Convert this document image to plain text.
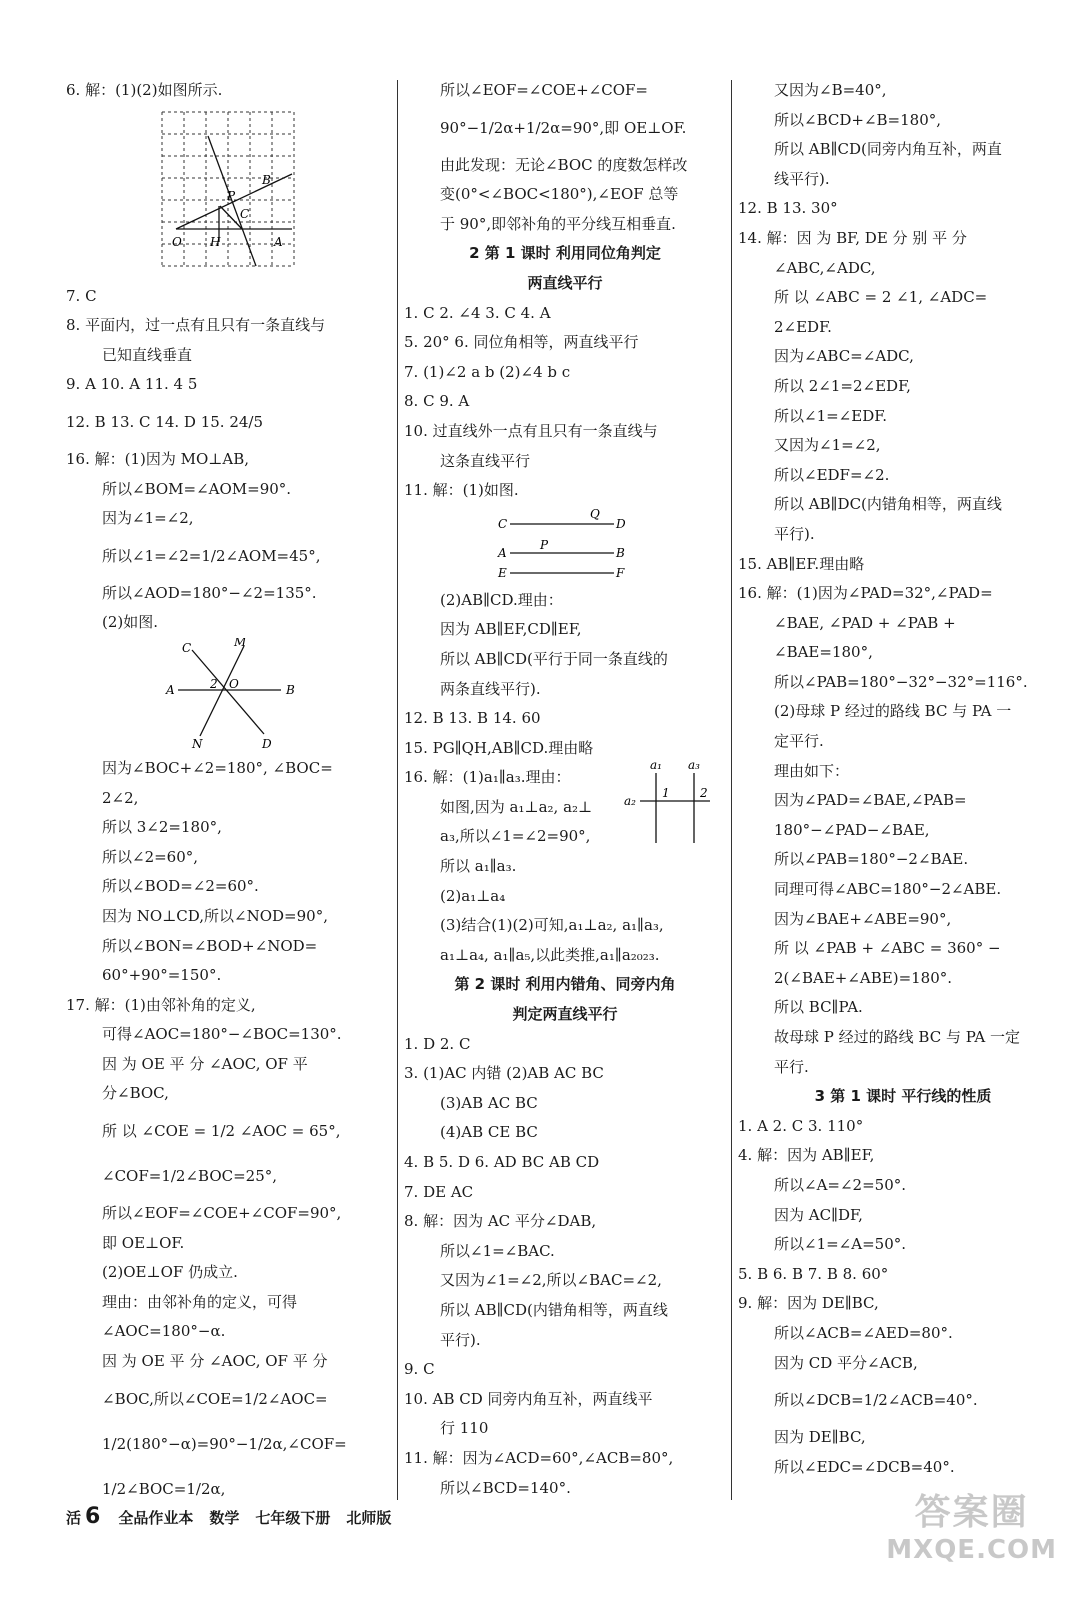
6. 解：(1)(2)如图所示.
P
B
C
O H	A
7. C
8. 平面内，过一点有且只有一条直线与
已知直线垂直
9. A 10. A 11. 4 5
12. B 13. C 14. D 15. 24/5
16. 解：(1)因为 MO⊥AB,
所以∠BOM=∠AOM=90°.
因为∠1=∠2,
所以∠1=∠2=1/2∠AOM=45°,
所以∠AOD=180°−∠2=135°.
(2)如图.
C	M
A	2 O	B
N	D
因为∠BOC+∠2=180°, ∠BOC=
2∠2,
所以 3∠2=180°,
所以∠2=60°,
所以∠BOD=∠2=60°.
因为 NO⊥CD,所以∠NOD=90°,
所以∠BON=∠BOD+∠NOD=
60°+90°=150°.
17. 解：(1)由邻补角的定义,
可得∠AOC=180°−∠BOC=130°.
因 为 OE 平 分 ∠AOC, OF 平
分∠BOC,
所 以 ∠COE = 1/2 ∠AOC = 65°,
∠COF=1/2∠BOC=25°,
所以∠EOF=∠COE+∠COF=90°,
即 OE⊥OF.
(2)OE⊥OF 仍成立.
理由：由邻补角的定义，可得
∠AOC=180°−α.
因 为 OE 平 分 ∠AOC, OF 平 分
∠BOC,所以∠COE=1/2∠AOC=
1/2(180°−α)=90°−1/2α,∠COF=
1/2∠BOC=1/2α,
所以∠EOF=∠COE+∠COF=
90°−1/2α+1/2α=90°,即 OE⊥OF.
由此发现：无论∠BOC 的度数怎样改
变(0°<∠BOC<180°),∠EOF 总等
于 90°,即邻补角的平分线互相垂直.
2 第 1 课时 利用同位角判定
两直线平行
1. C 2. ∠4 3. C 4. A
5. 20° 6. 同位角相等，两直线平行
7. (1)∠2 a b (2)∠4 b c
8. C 9. A
10. 过直线外一点有且只有一条直线与
这条直线平行
11. 解：(1)如图.
C
Q
D
A
P
B
E	F
(2)AB∥CD.理由：
因为 AB∥EF,CD∥EF,
所以 AB∥CD(平行于同一条直线的
两条直线平行).
12. B 13. B 14. 60
15. PG∥QH,AB∥CD.理由略
16. 解：(1)a₁∥a₃.理由：
a₁ a₃
a₂
1	2
如图,因为 a₁⊥a₂, a₂⊥
a₃,所以∠1=∠2=90°,
所以 a₁∥a₃.
(2)a₁⊥a₄
(3)结合(1)(2)可知,a₁⊥a₂, a₁∥a₃,
a₁⊥a₄, a₁∥a₅,以此类推,a₁∥a₂₀₂₃.
第 2 课时 利用内错角、同旁内角
判定两直线平行
1. D 2. C
3. (1)AC 内错 (2)AB AC BC
(3)AB AC BC
(4)AB CE BC
4. B 5. D 6. AD BC AB CD
7. DE AC
8. 解：因为 AC 平分∠DAB,
所以∠1=∠BAC.
又因为∠1=∠2,所以∠BAC=∠2,
所以 AB∥CD(内错角相等，两直线
平行).
9. C
10. AB CD 同旁内角互补，两直线平
行 110
11. 解：因为∠ACD=60°,∠ACB=80°,
所以∠BCD=140°.
又因为∠B=40°,
所以∠BCD+∠B=180°,
所以 AB∥CD(同旁内角互补，两直
线平行).
12. B 13. 30°
14. 解：因 为 BF, DE 分 别 平 分
∠ABC,∠ADC,
所 以 ∠ABC = 2 ∠1, ∠ADC=
2∠EDF.
因为∠ABC=∠ADC,
所以 2∠1=2∠EDF,
所以∠1=∠EDF.
又因为∠1=∠2,
所以∠EDF=∠2.
所以 AB∥DC(内错角相等，两直线
平行).
15. AB∥EF.理由略
16. 解：(1)因为∠PAD=32°,∠PAD=
∠BAE, ∠PAD + ∠PAB +
∠BAE=180°,
所以∠PAB=180°−32°−32°=116°.
(2)母球 P 经过的路线 BC 与 PA 一
定平行.
理由如下：
因为∠PAD=∠BAE,∠PAB=
180°−∠PAD−∠BAE,
所以∠PAB=180°−2∠BAE.
同理可得∠ABC=180°−2∠ABE.
因为∠BAE+∠ABE=90°,
所 以 ∠PAB + ∠ABC = 360° −
2(∠BAE+∠ABE)=180°.
所以 BC∥PA.
故母球 P 经过的路线 BC 与 PA 一定
平行.
3 第 1 课时 平行线的性质
1. A 2. C 3. 110°
4. 解：因为 AB∥EF,
所以∠A=∠2=50°.
因为 AC∥DF,
所以∠1=∠A=50°.
5. B 6. B 7. B 8. 60°
9. 解：因为 DE∥BC,
所以∠ACB=∠AED=80°.
因为 CD 平分∠ACB,
所以∠DCB=1/2∠ACB=40°.
因为 DE∥BC,
所以∠EDC=∠DCB=40°.
活 6 全品作业本 数学 七年级下册 北师版	答案圈
MXQE.COM
